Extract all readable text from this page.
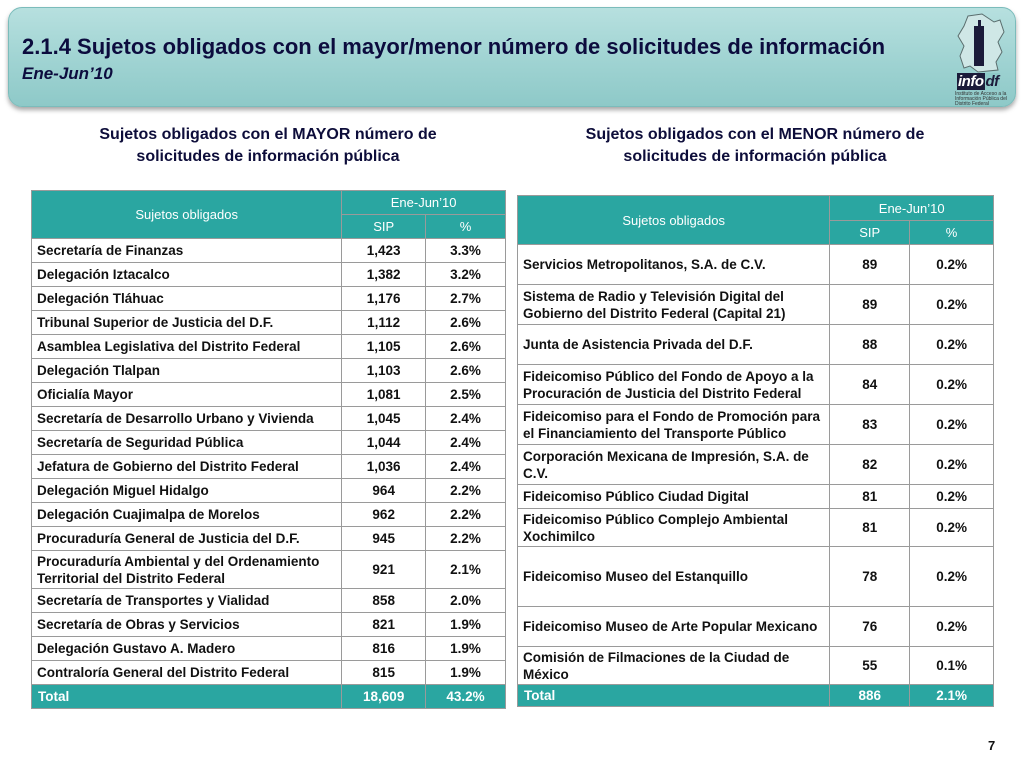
2.1.4 Sujetos obligados con el mayor/menor número de solicitudes de información
Ene-Jun’10	info df
Instituto de Acceso a la Información Pública del Distrito Federal
Sujetos obligados con el MAYOR número de
solicitudes de información pública
Sujetos obligados con el MENOR número de
solicitudes de información pública
Sujetos obligados	Ene-Jun’10	
	SIP	%
Secretaría de Finanzas	1,423	3.3%
Delegación Iztacalco	1,382	3.2%
Delegación Tláhuac	1,176	2.7%
Tribunal Superior de Justicia del D.F.	1,112	2.6%
Asamblea Legislativa del Distrito Federal	1,105	2.6%
Delegación Tlalpan	1,103	2.6%
Oficialía Mayor	1,081	2.5%
Secretaría de Desarrollo Urbano y Vivienda	1,045	2.4%
Secretaría de Seguridad Pública	1,044	2.4%
Jefatura de Gobierno del Distrito Federal	1,036	2.4%
Delegación Miguel Hidalgo	964	2.2%
Delegación Cuajimalpa de Morelos	962	2.2%
Procuraduría General de Justicia del D.F.	945	2.2%
Procuraduría Ambiental y del Ordenamiento Territorial del Distrito Federal	921	2.1%
Secretaría de Transportes y Vialidad	858	2.0%
Secretaría de Obras y Servicios	821	1.9%
Delegación Gustavo A. Madero	816	1.9%
Contraloría General del Distrito Federal	815	1.9%
Total	18,609	43.2%
Sujetos obligados	Ene-Jun’10	
	SIP	%
Servicios Metropolitanos, S.A. de C.V.	89	0.2%
Sistema de Radio y Televisión Digital del Gobierno del Distrito Federal (Capital 21)	89	0.2%
Junta de Asistencia Privada del D.F.	88	0.2%
Fideicomiso Público del Fondo de Apoyo a la Procuración de Justicia del Distrito Federal	84	0.2%
Fideicomiso para el Fondo de Promoción para el Financiamiento del Transporte Público	83	0.2%
Corporación Mexicana de Impresión, S.A. de C.V.	82	0.2%
Fideicomiso Público Ciudad Digital	81	0.2%
Fideicomiso Público Complejo Ambiental Xochimilco	81	0.2%
Fideicomiso Museo del Estanquillo	78	0.2%
Fideicomiso Museo de Arte Popular Mexicano	76	0.2%
Comisión de Filmaciones de la Ciudad de México	55	0.1%
Total	886	2.1%
7
